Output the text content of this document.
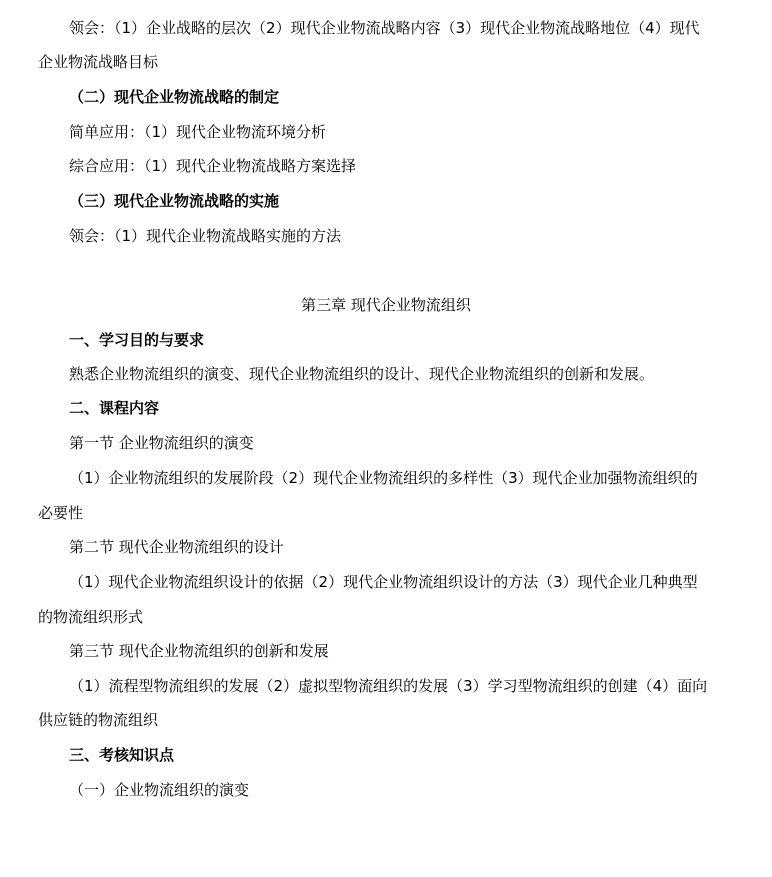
领会：（1）企业战略的层次（2）现代企业物流战略内容（3）现代企业物流战略地位（4）现代
企业物流战略目标
（二）现代企业物流战略的制定
简单应用：（1）现代企业物流环境分析
综合应用：（1）现代企业物流战略方案选择
（三）现代企业物流战略的实施
领会：（1）现代企业物流战略实施的方法
第三章 现代企业物流组织
一、学习目的与要求
熟悉企业物流组织的演变、现代企业物流组织的设计、现代企业物流组织的创新和发展。
二、课程内容
第一节 企业物流组织的演变
（1）企业物流组织的发展阶段（2）现代企业物流组织的多样性（3）现代企业加强物流组织的
必要性
第二节 现代企业物流组织的设计
（1）现代企业物流组织设计的依据（2）现代企业物流组织设计的方法（3）现代企业几种典型
的物流组织形式
第三节 现代企业物流组织的创新和发展
（1）流程型物流组织的发展（2）虚拟型物流组织的发展（3）学习型物流组织的创建（4）面向
供应链的物流组织
三、考核知识点
（一）企业物流组织的演变
